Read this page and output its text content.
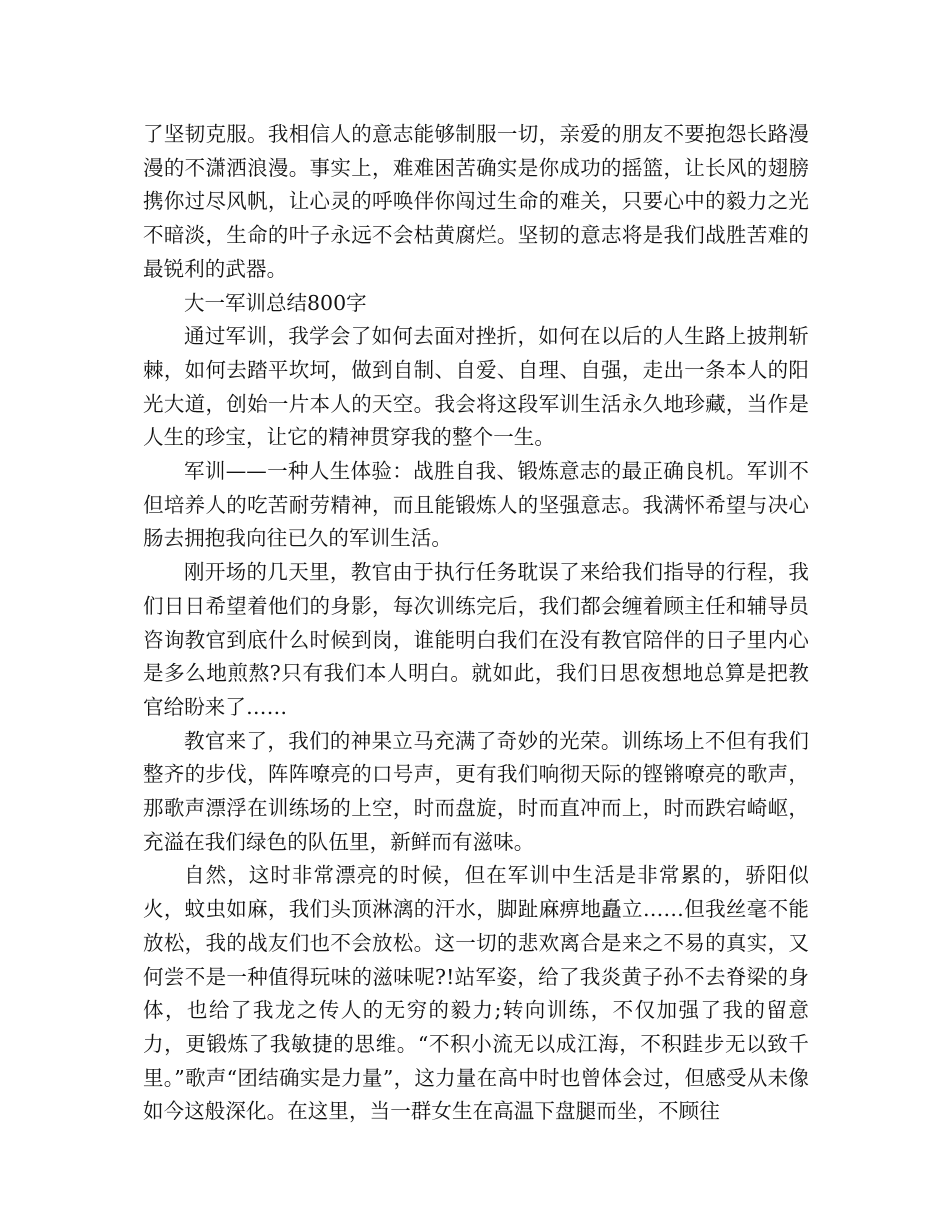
了坚韧克服。我相信人的意志能够制服一切，亲爱的朋友不要抱怨长路漫漫的不潇洒浪漫。事实上，难难困苦确实是你成功的摇篮，让长风的翅膀携你过尽风帆，让心灵的呼唤伴你闯过生命的难关，只要心中的毅力之光不暗淡，生命的叶子永远不会枯黄腐烂。坚韧的意志将是我们战胜苦难的最锐利的武器。

大一军训总结800字

通过军训，我学会了如何去面对挫折，如何在以后的人生路上披荆斩棘，如何去踏平坎坷，做到自制、自爱、自理、自强，走出一条本人的阳光大道，创始一片本人的天空。我会将这段军训生活永久地珍藏，当作是人生的珍宝，让它的精神贯穿我的整个一生。

军训——一种人生体验：战胜自我、锻炼意志的最正确良机。军训不但培养人的吃苦耐劳精神，而且能锻炼人的坚强意志。我满怀希望与决心肠去拥抱我向往已久的军训生活。

刚开场的几天里，教官由于执行任务耽误了来给我们指导的行程，我们日日希望着他们的身影，每次训练完后，我们都会缠着顾主任和辅导员咨询教官到底什么时候到岗，谁能明白我们在没有教官陪伴的日子里内心是多么地煎熬?只有我们本人明白。就如此，我们日思夜想地总算是把教官给盼来了……

教官来了，我们的神果立马充满了奇妙的光荣。训练场上不但有我们整齐的步伐，阵阵嘹亮的口号声，更有我们响彻天际的铿锵嘹亮的歌声，那歌声漂浮在训练场的上空，时而盘旋，时而直冲而上，时而跌宕崎岖，充溢在我们绿色的队伍里，新鲜而有滋味。

自然，这时非常漂亮的时候，但在军训中生活是非常累的，骄阳似火，蚊虫如麻，我们头顶淋漓的汗水，脚趾麻痹地矗立……但我丝毫不能放松，我的战友们也不会放松。这一切的悲欢离合是来之不易的真实，又何尝不是一种值得玩味的滋味呢?!站军姿，给了我炎黄子孙不去脊梁的身体，也给了我龙之传人的无穷的毅力;转向训练，不仅加强了我的留意力，更锻炼了我敏捷的思维。“不积小流无以成江海，不积跬步无以致千里。”歌声“团结确实是力量”，这力量在高中时也曾体会过，但感受从未像如今这般深化。在这里，当一群女生在高温下盘腿而坐，不顾往
